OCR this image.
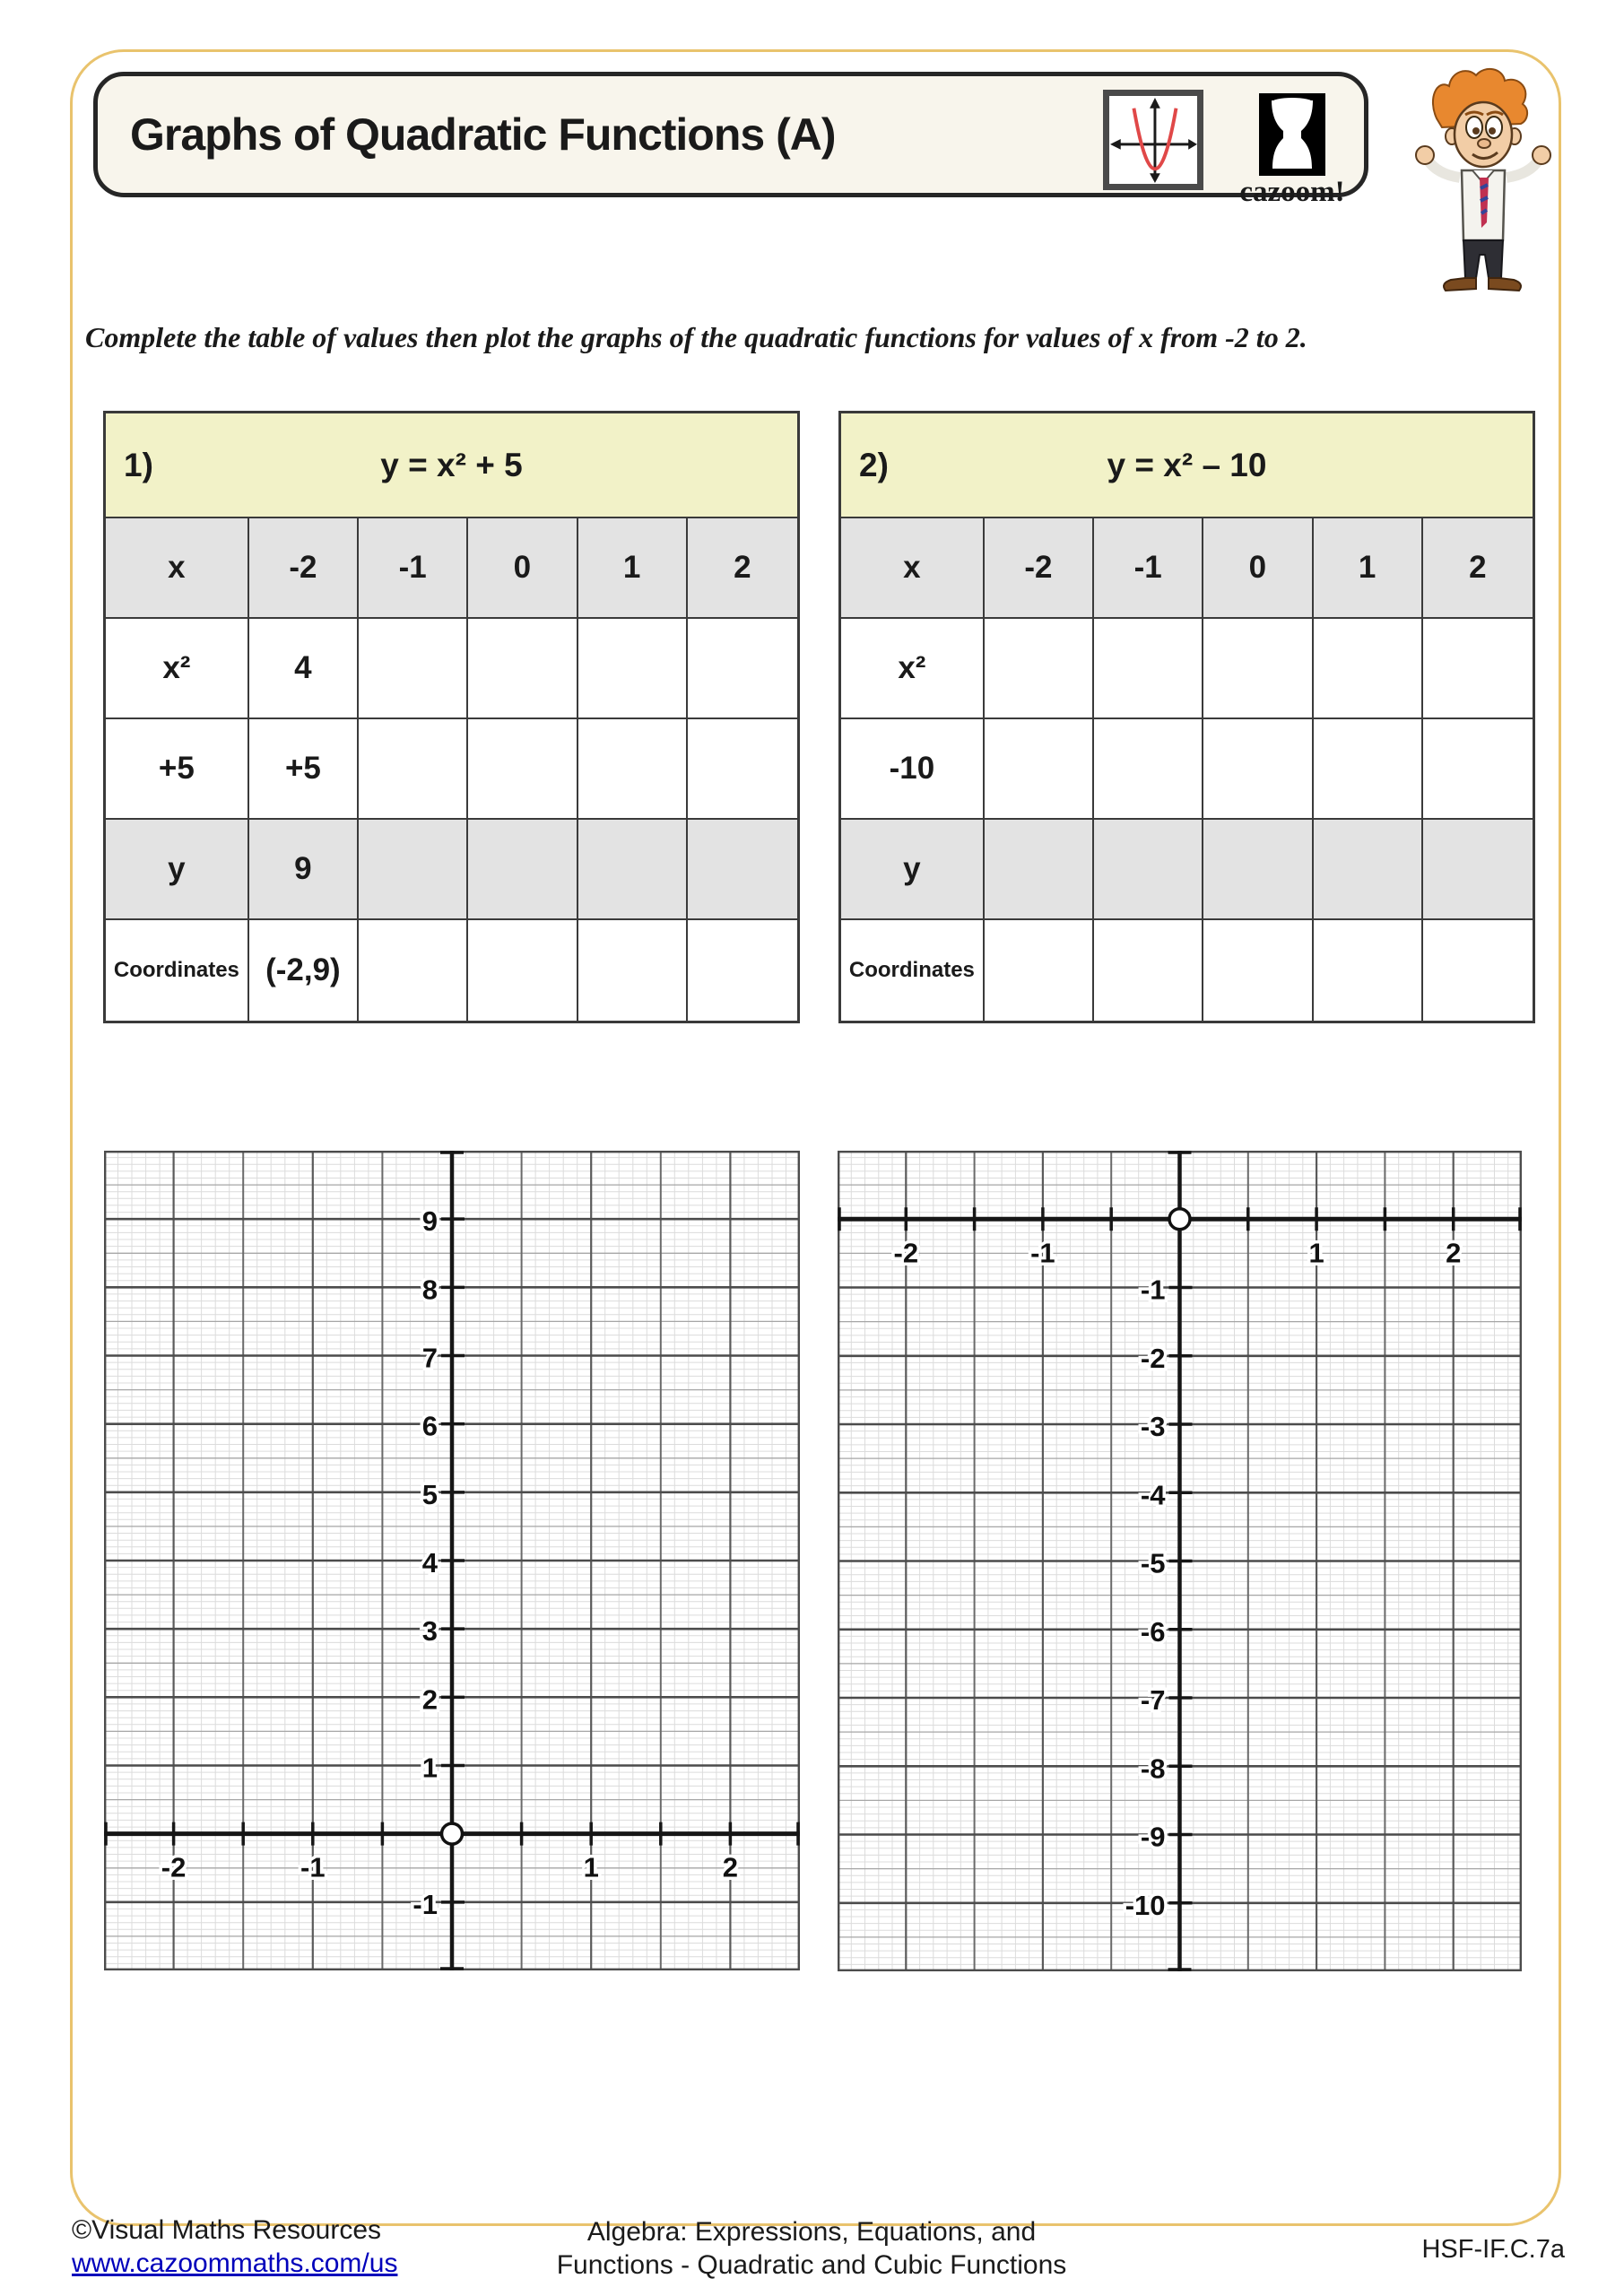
Graphs of Quadratic Functions (A)
cazoom!
Complete the table of values then plot the graphs of the quadratic functions for values of x from -2 to 2.
1)	y = x² + 5
x	-2	-1	0	1	2
x²	4
+5	+5
y	9
Coordinates (-2,9)
2)	y = x² – 10
x	-2	-1	0	1	2
x²
-10
y
Coordinates
-2	-1	1	2
9
8
7
6
5
4
3
2
1
-1
-2	-1	1	2
-1
-2
-3
-4
-5
-6
-7
-8
-9
-10
©Visual Maths Resources
www.cazoommaths.com/us
Algebra: Expressions, Equations, and
Functions - Quadratic and Cubic Functions
HSF-IF.C.7a
